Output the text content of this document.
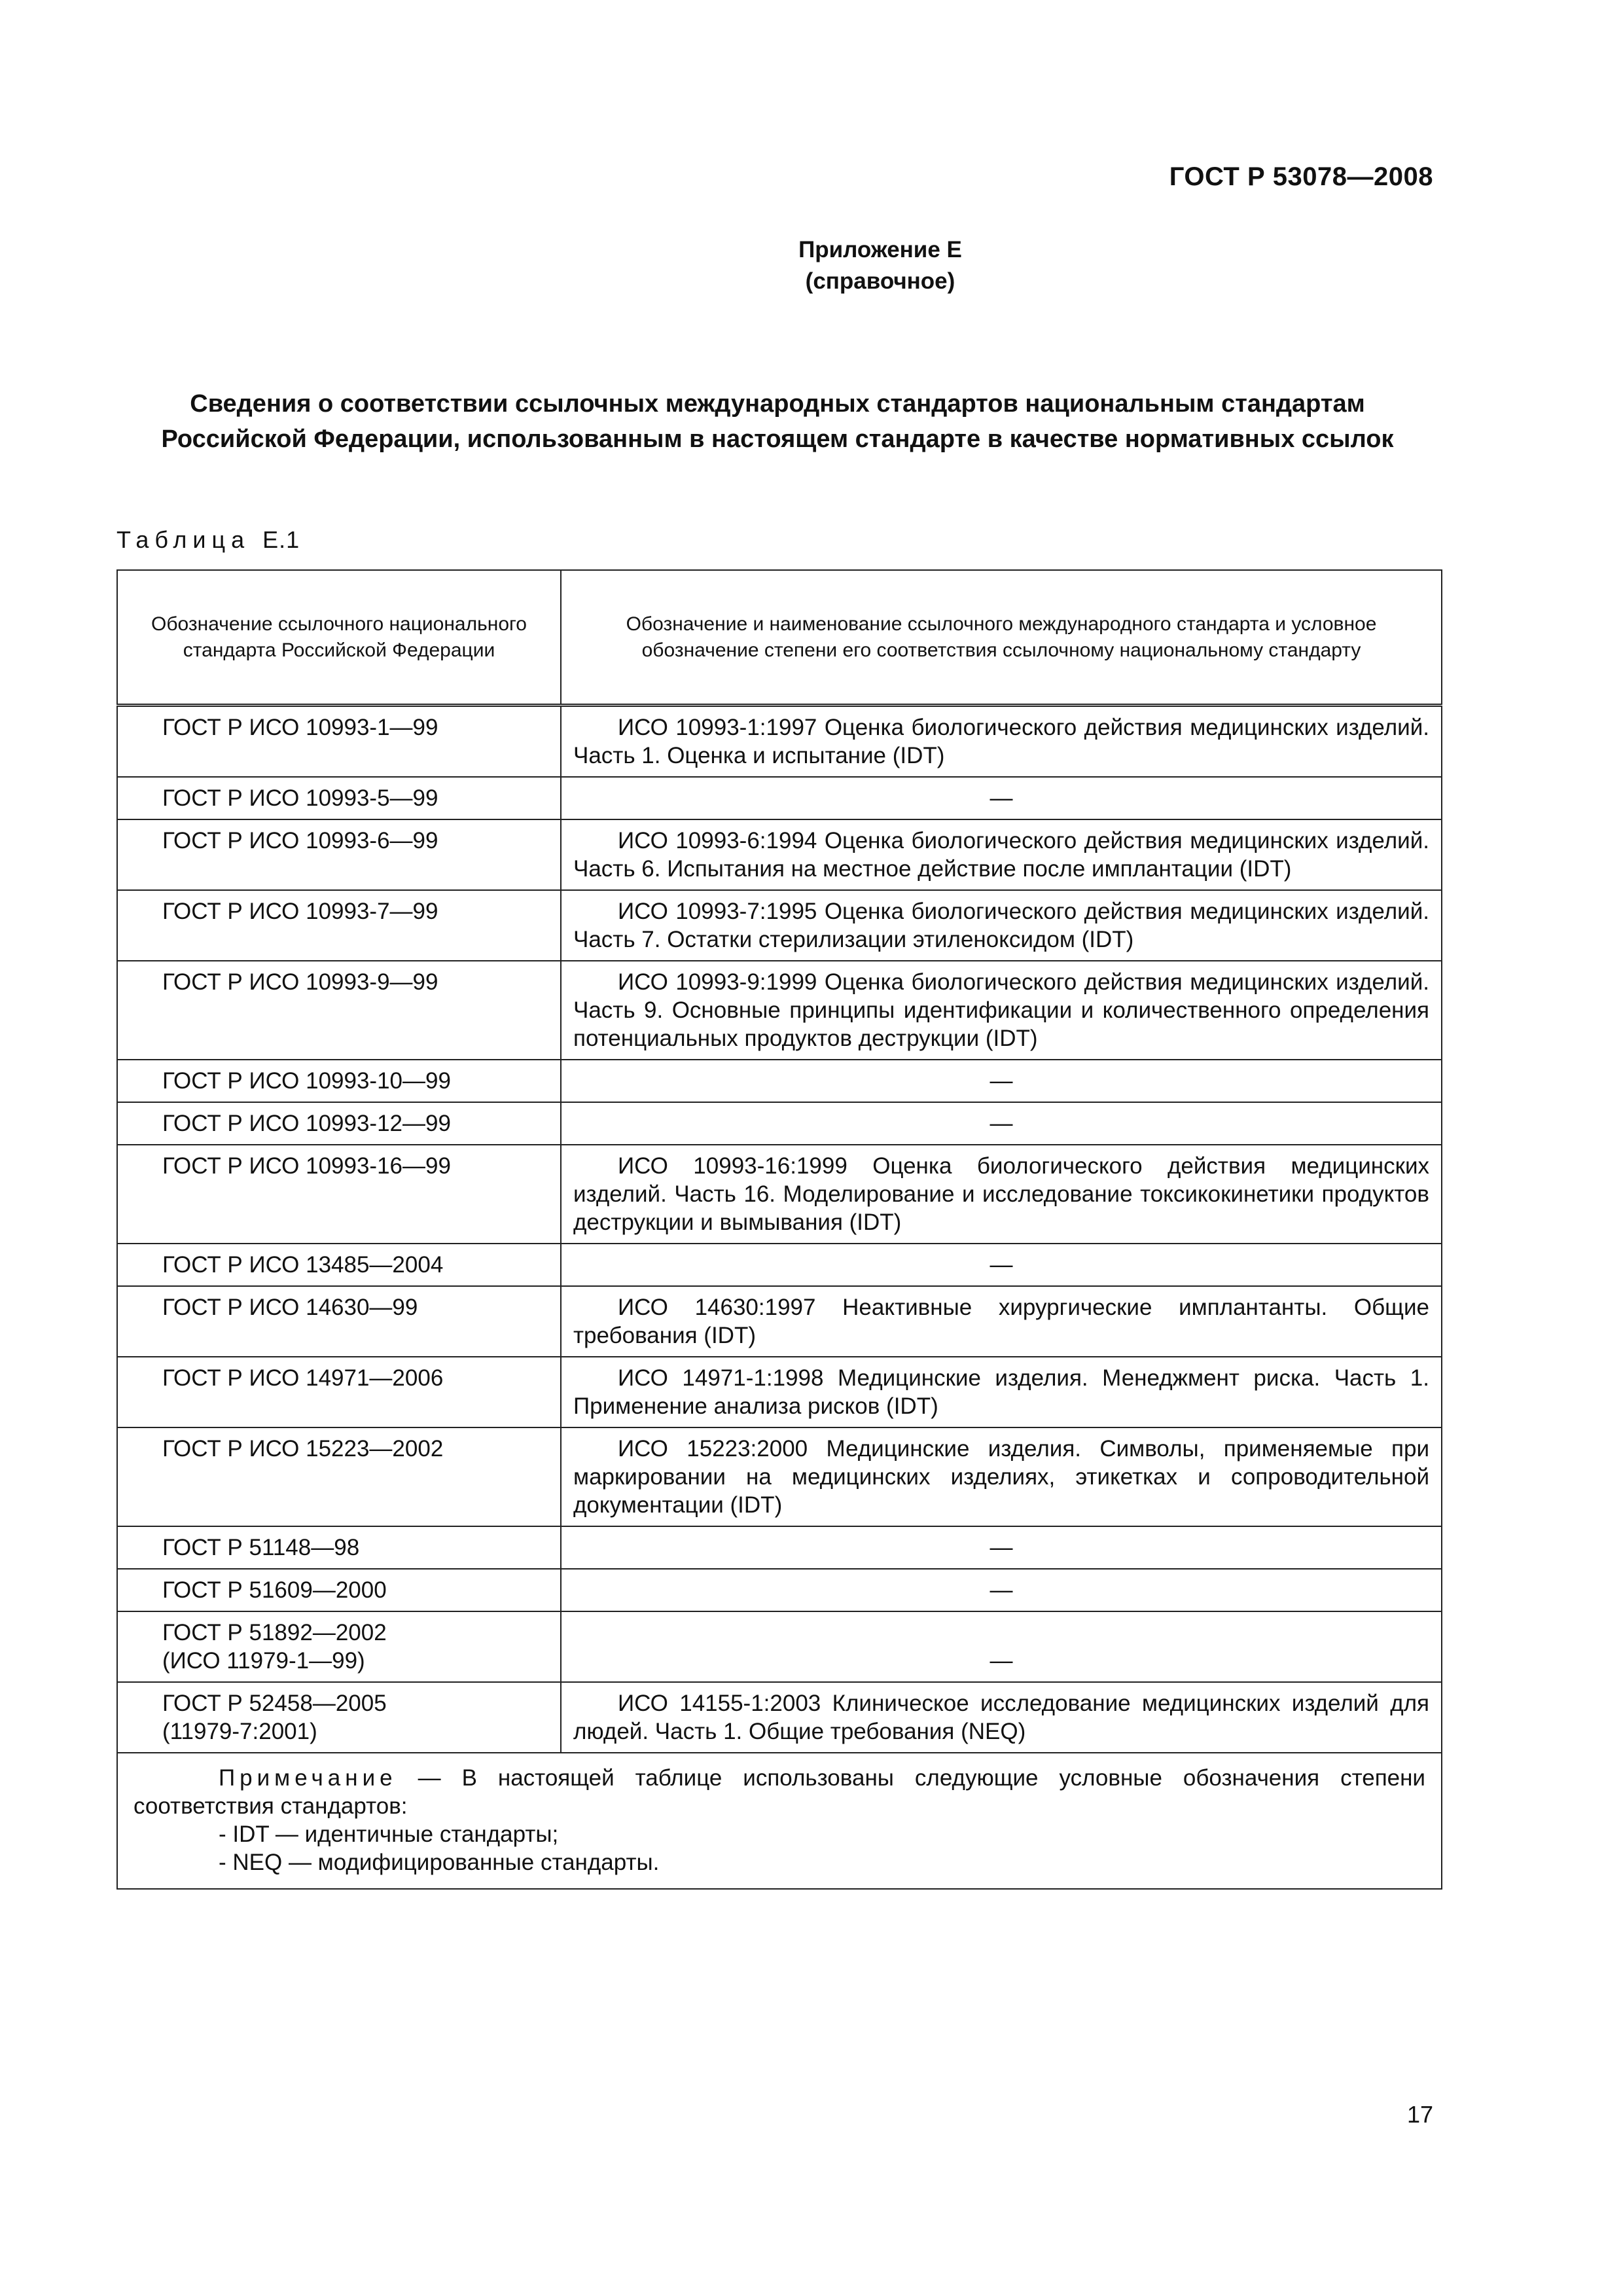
ГОСТ Р 53078—2008
Приложение Е
(справочное)
Сведения о соответствии ссылочных международных стандартов национальным стандартам Российской Федерации, использованным в настоящем стандарте в качестве нормативных ссылок
Таблица Е.1
Обозначение ссылочного национального стандарта Российской Федерации	Обозначение и наименование ссылочного международного стандарта и условное обозначение степени его соответствия ссылочному национальному стандарту

ГОСТ Р ИСО 10993-1—99	ИСО 10993-1:1997 Оценка биологического действия медицинских изделий. Часть 1. Оценка и испытание (IDT)

ГОСТ Р ИСО 10993-5—99	—

ГОСТ Р ИСО 10993-6—99	ИСО 10993-6:1994 Оценка биологического действия медицинских изделий. Часть 6. Испытания на местное действие после имплантации (IDT)

ГОСТ Р ИСО 10993-7—99	ИСО 10993-7:1995 Оценка биологического действия медицинских изделий. Часть 7. Остатки стерилизации этиленоксидом (IDT)

ГОСТ Р ИСО 10993-9—99	ИСО 10993-9:1999 Оценка биологического действия медицинских изделий. Часть 9. Основные принципы идентификации и количественного определения потенциальных продуктов деструкции (IDT)

ГОСТ Р ИСО 10993-10—99	—

ГОСТ Р ИСО 10993-12—99	—

ГОСТ Р ИСО 10993-16—99	ИСО 10993-16:1999 Оценка биологического действия медицинских изделий. Часть 16. Моделирование и исследование токсикокинетики продуктов деструкции и вымывания (IDT)

ГОСТ Р ИСО 13485—2004	—

ГОСТ Р ИСО 14630—99	ИСО 14630:1997 Неактивные хирургические имплантанты. Общие требования (IDT)

ГОСТ Р ИСО 14971—2006	ИСО 14971-1:1998 Медицинские изделия. Менеджмент риска. Часть 1. Применение анализа рисков (IDT)

ГОСТ Р ИСО 15223—2002	ИСО 15223:2000 Медицинские изделия. Символы, применяемые при маркировании на медицинских изделиях, этикетках и сопроводительной документации (IDT)

ГОСТ Р 51148—98	—

ГОСТ Р 51609—2000	—

ГОСТ Р 51892—2002
(ИСО 11979-1—99)	—

ГОСТ Р 52458—2005
(11979-7:2001)	ИСО 14155-1:2003 Клиническое исследование медицинских изделий для людей. Часть 1. Общие требования (NEQ)

Примечание — В настоящей таблице использованы следующие условные обозначения степени соответствия стандартов:
- IDT — идентичные стандарты;
- NEQ — модифицированные стандарты.	
17
